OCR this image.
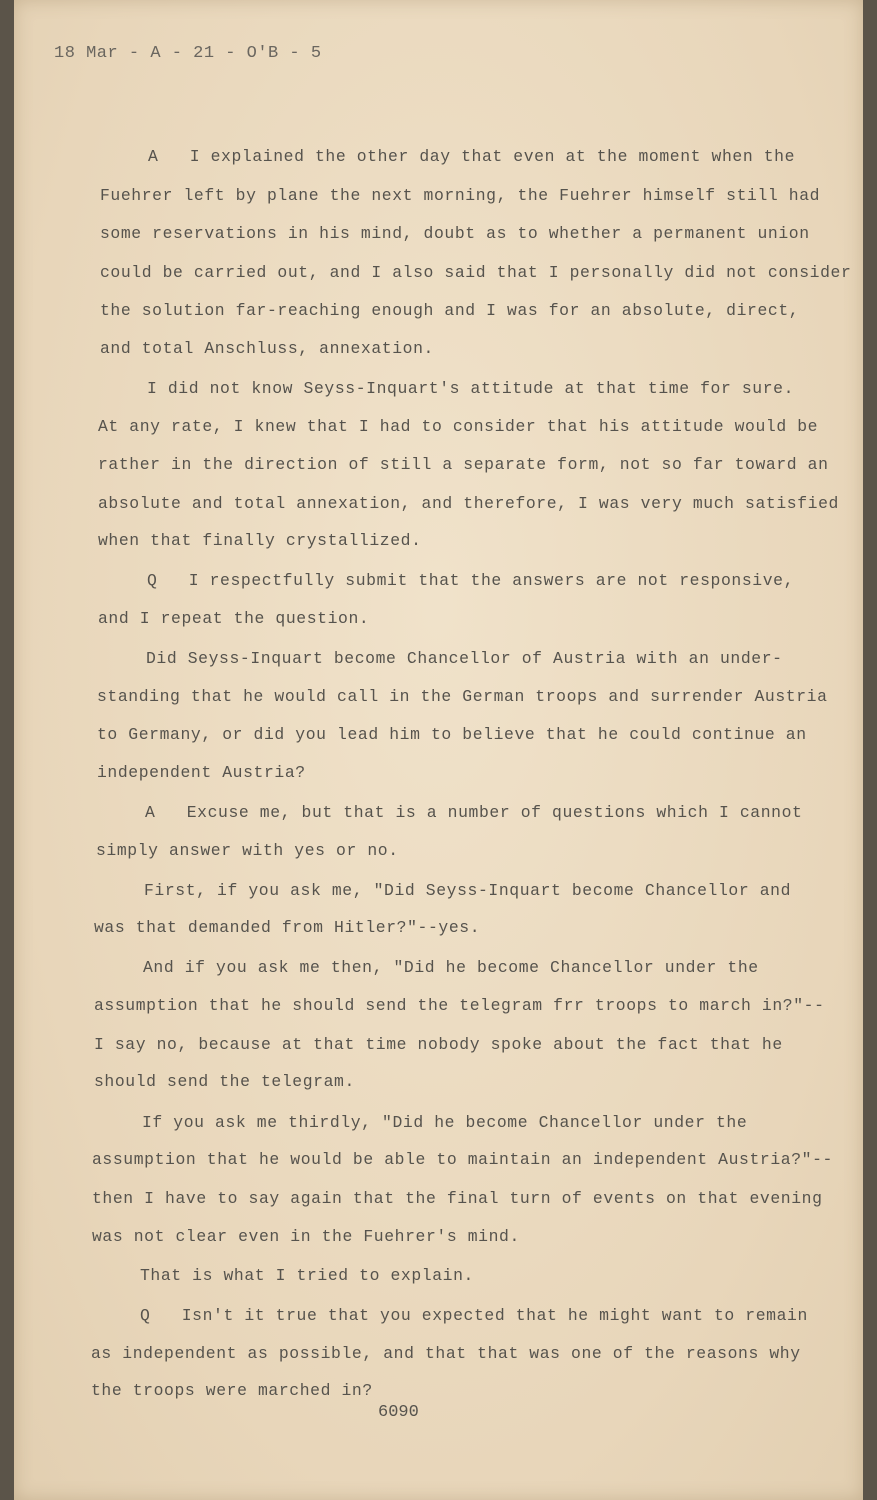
18 Mar - A - 21 - O'B - 5
A   I explained the other day that even at the moment when the
Fuehrer left by plane the next morning, the Fuehrer himself still had
some reservations in his mind, doubt as to whether a permanent union
could be carried out, and I also said that I personally did not consider
the solution far-reaching enough and I was for an absolute, direct,
and total Anschluss, annexation.
I did not know Seyss-Inquart's attitude at that time for sure.
At any rate, I knew that I had to consider that his attitude would be
rather in the direction of still a separate form, not so far toward an
absolute and total annexation, and therefore, I was very much satisfied
when that finally crystallized.
Q   I respectfully submit that the answers are not responsive,
and I repeat the question.
Did Seyss-Inquart become Chancellor of Austria with an under-
standing that he would call in the German troops and surrender Austria
to Germany, or did you lead him to believe that he could continue an
independent Austria?
A   Excuse me, but that is a number of questions which I cannot
simply answer with yes or no.
First, if you ask me, "Did Seyss-Inquart become Chancellor and
was that demanded from Hitler?"--yes.
And if you ask me then, "Did he become Chancellor under the
assumption that he should send the telegram frr troops to march in?"--
I say no, because at that time nobody spoke about the fact that he
should send the telegram.
If you ask me thirdly, "Did he become Chancellor under the
assumption that he would be able to maintain an independent Austria?"--
then I have to say again that the final turn of events on that evening
was not clear even in the Fuehrer's mind.
That is what I tried to explain.
Q   Isn't it true that you expected that he might want to remain
as independent as possible, and that that was one of the reasons why
the troops were marched in?
6090
